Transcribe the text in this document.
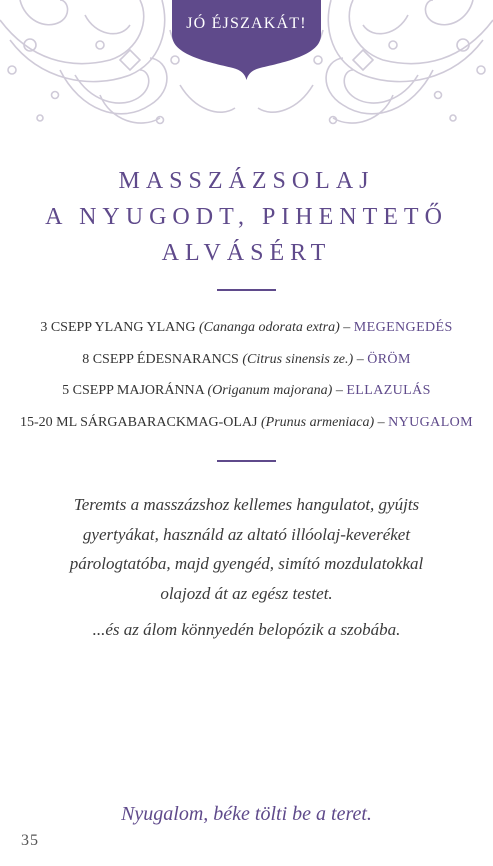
JÓ ÉJSZAKÁT!
MASSZÁZSOLAJ
A NYUGODT, PIHENTETŐ
ALVÁSÉRT
3 CSEPP YLANG YLANG (Cananga odorata extra) – MEGENGEDÉS
8 CSEPP ÉDESNARANCS (Citrus sinensis ze.) – ÖRÖM
5 CSEPP MAJORÁNNA (Origanum majorana) – ELLAZULÁS
15-20 ML SÁRGABARACKMAG-OLAJ (Prunus armeniaca) – NYUGALOM
Teremts a masszázshoz kellemes hangulatot, gyújts
gyertyákat, használd az altató illóolaj-keveréket
párologtatóba, majd gyengéd, simító mozdulatokkal
olajozd át az egész testet.
...és az álom könnyedén belopózik a szobába.
Nyugalom, béke tölti be a teret.
35
